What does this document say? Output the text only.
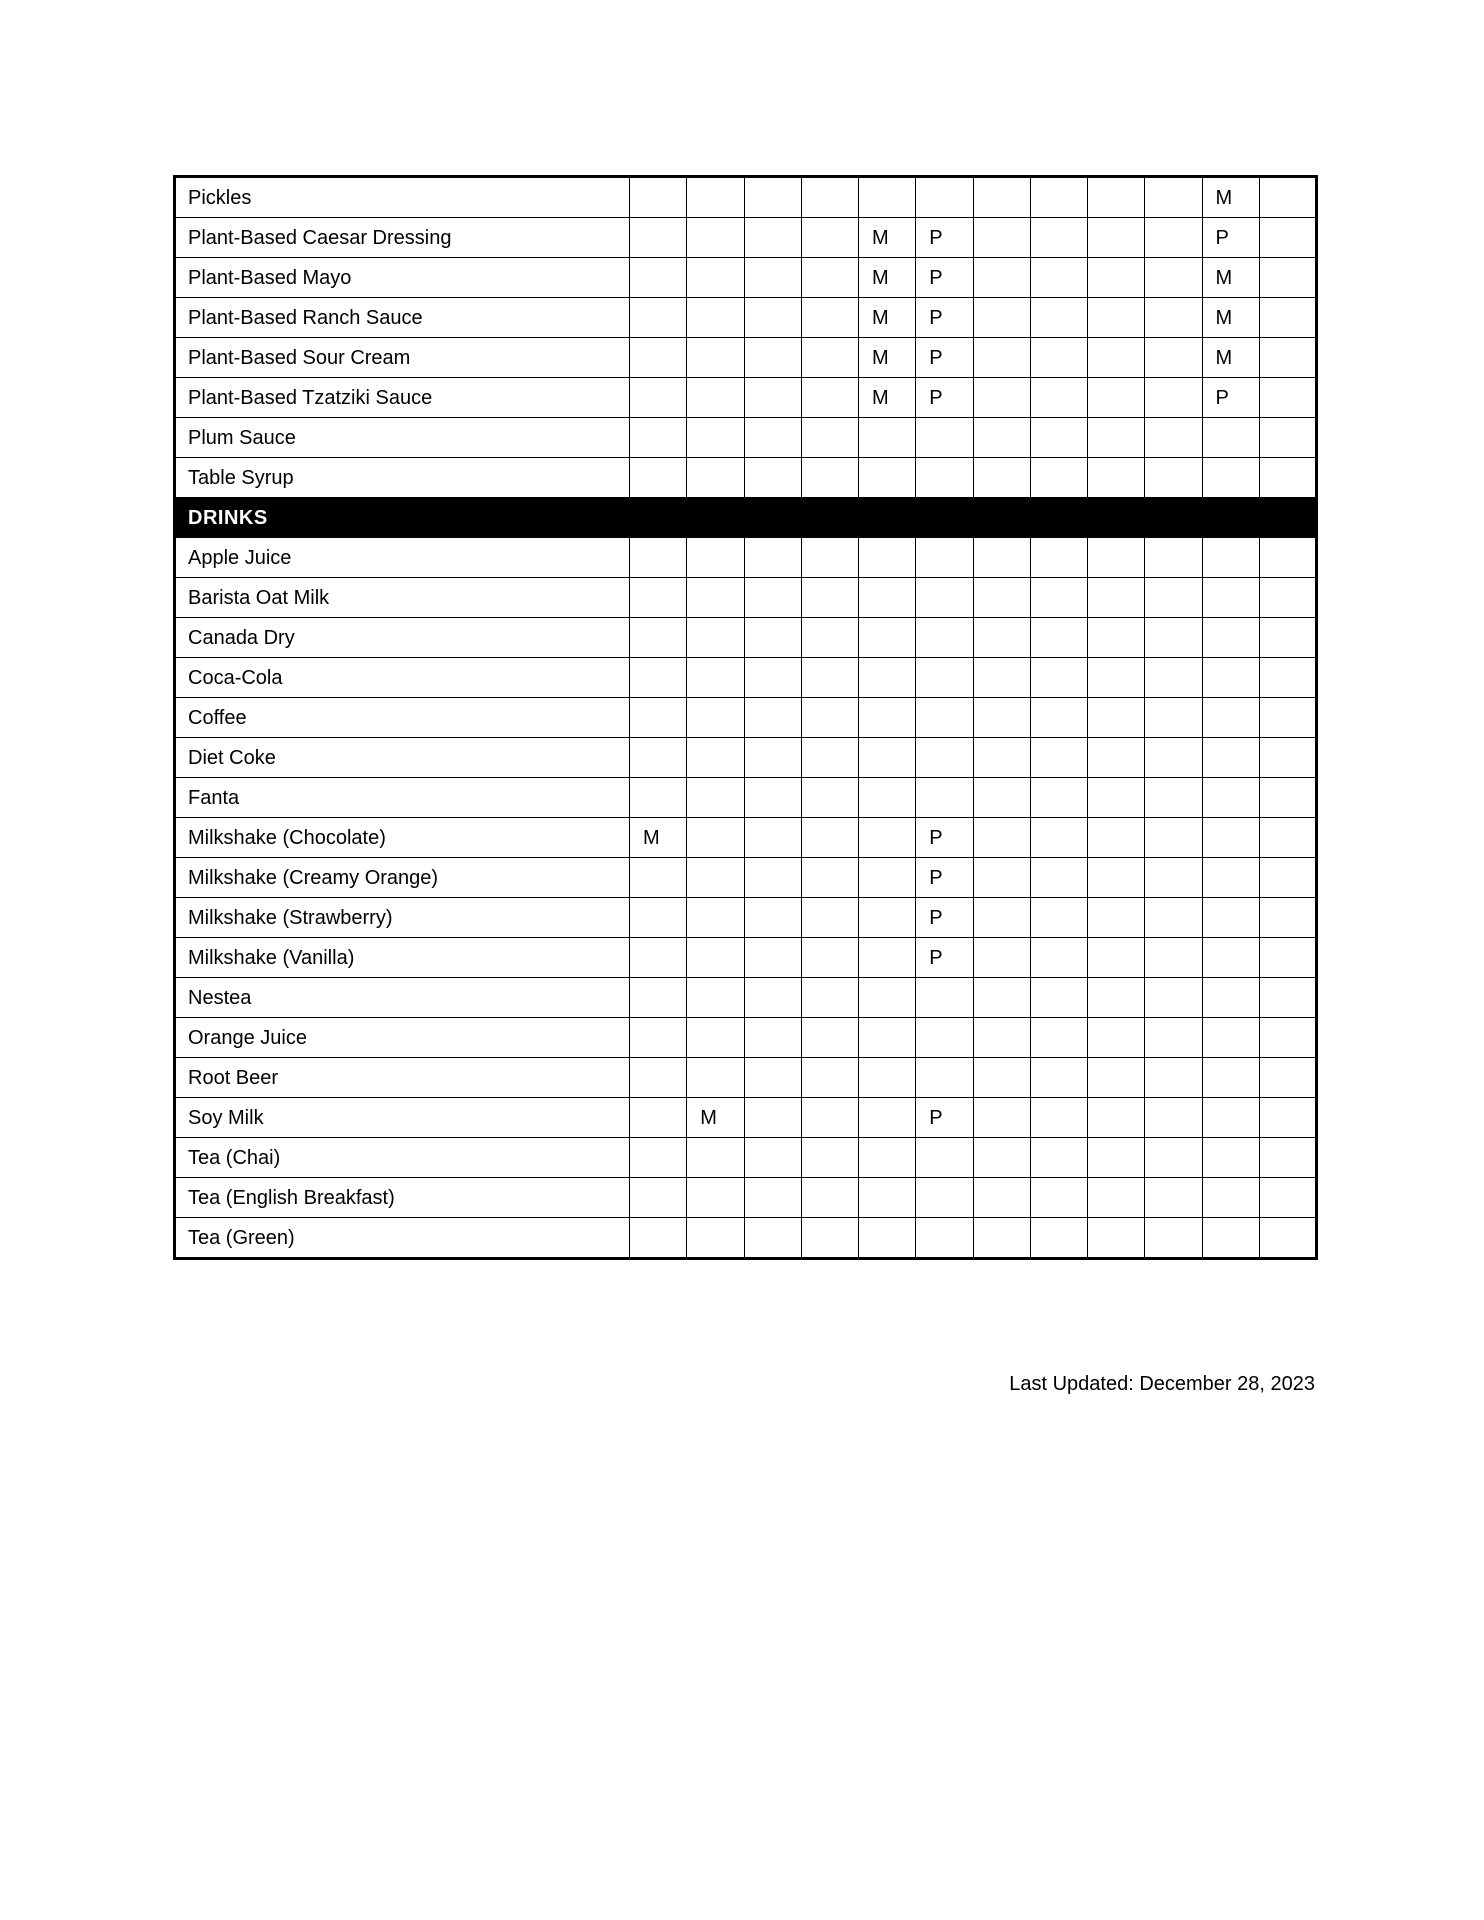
Pickles											M	
Plant-Based Caesar Dressing					M	P					P	
Plant-Based Mayo					M	P					M	
Plant-Based Ranch Sauce					M	P					M	
Plant-Based Sour Cream					M	P					M	
Plant-Based Tzatziki Sauce					M	P					P	
Plum Sauce												
Table Syrup												
DRINKS												
Apple Juice												
Barista Oat Milk												
Canada Dry												
Coca-Cola												
Coffee												
Diet Coke												
Fanta												
Milkshake (Chocolate)	M					P						
Milkshake (Creamy Orange)						P						
Milkshake (Strawberry)						P						
Milkshake (Vanilla)						P						
Nestea												
Orange Juice												
Root Beer												
Soy Milk		M				P						
Tea (Chai)												
Tea (English Breakfast)												
Tea (Green)												
Last Updated: December 28, 2023
